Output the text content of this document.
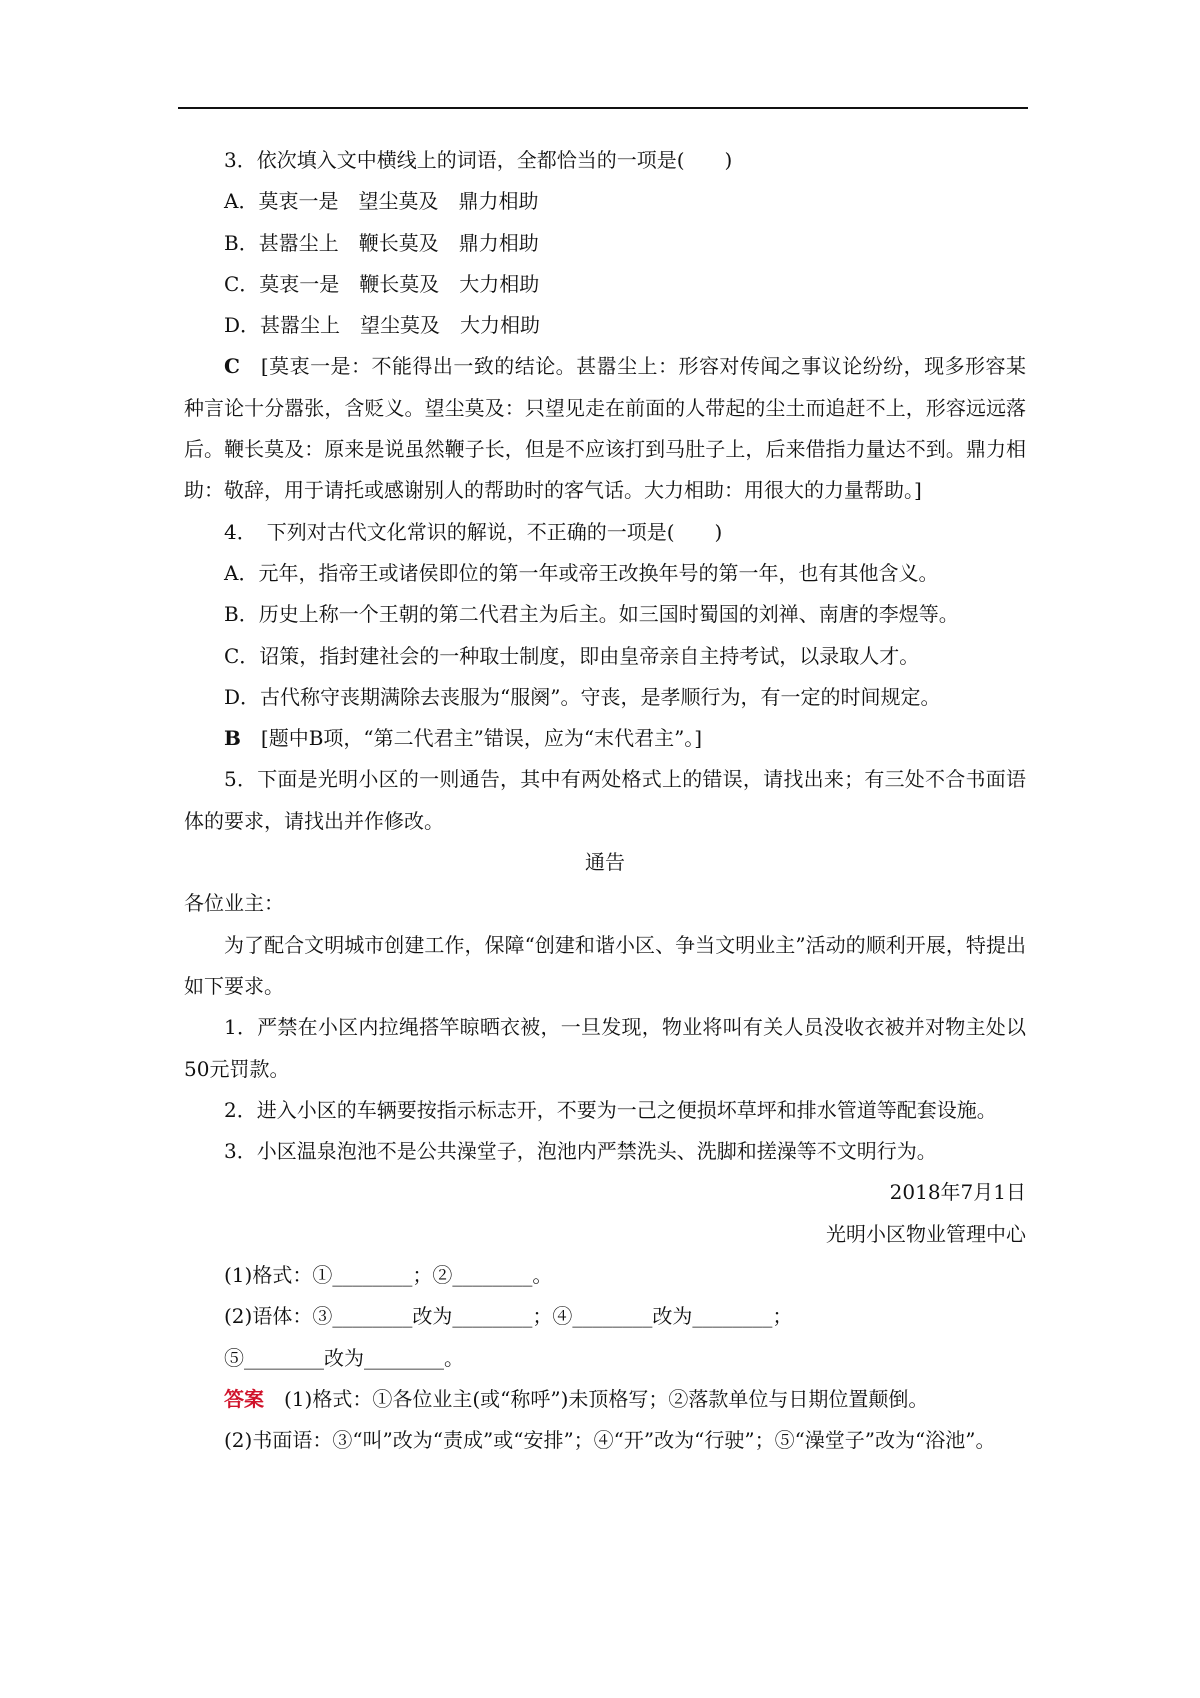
3．依次填入文中横线上的词语，全都恰当的一项是(　　)

A．莫衷一是　望尘莫及　鼎力相助

B．甚嚣尘上　鞭长莫及　鼎力相助

C．莫衷一是　鞭长莫及　大力相助

D．甚嚣尘上　望尘莫及　大力相助

C　 [莫衷一是：不能得出一致的结论。甚嚣尘上：形容对传闻之事议论纷纷，现多形容某种言论十分嚣张，含贬义。望尘莫及：只望见走在前面的人带起的尘土而追赶不上，形容远远落后。鞭长莫及：原来是说虽然鞭子长，但是不应该打到马肚子上，后来借指力量达不到。鼎力相助：敬辞，用于请托或感谢别人的帮助时的客气话。大力相助：用很大的力量帮助。]

4．　下列对古代文化常识的解说，不正确的一项是(　　)

A．元年，指帝王或诸侯即位的第一年或帝王改换年号的第一年，也有其他含义。

B．历史上称一个王朝的第二代君主为后主。如三国时蜀国的刘禅、南唐的李煜等。

C．诏策，指封建社会的一种取士制度，即由皇帝亲自主持考试，以录取人才。

D．古代称守丧期满除去丧服为“服阕”。守丧，是孝顺行为，有一定的时间规定。

B　 [题中B项，“第二代君主”错误，应为“末代君主”。]

5．下面是光明小区的一则通告，其中有两处格式上的错误，请找出来；有三处不合书面语体的要求，请找出并作修改。

通告

各位业主：

为了配合文明城市创建工作，保障“创建和谐小区、争当文明业主”活动的顺利开展，特提出如下要求。

1．严禁在小区内拉绳搭竿晾晒衣被，一旦发现，物业将叫有关人员没收衣被并对物主处以50元罚款。

2．进入小区的车辆要按指示标志开，不要为一己之便损坏草坪和排水管道等配套设施。

3．小区温泉泡池不是公共澡堂子，泡池内严禁洗头、洗脚和搓澡等不文明行为。

2018年7月1日

光明小区物业管理中心

(1)格式：①________；②________。

(2)语体：③________改为________；④________改为________；

⑤________改为________。

答案　 (1)格式：①各位业主(或“称呼”)未顶格写；②落款单位与日期位置颠倒。

(2)书面语：③“叫”改为“责成”或“安排”；④“开”改为“行驶”；⑤“澡堂子”改为“浴池”。
